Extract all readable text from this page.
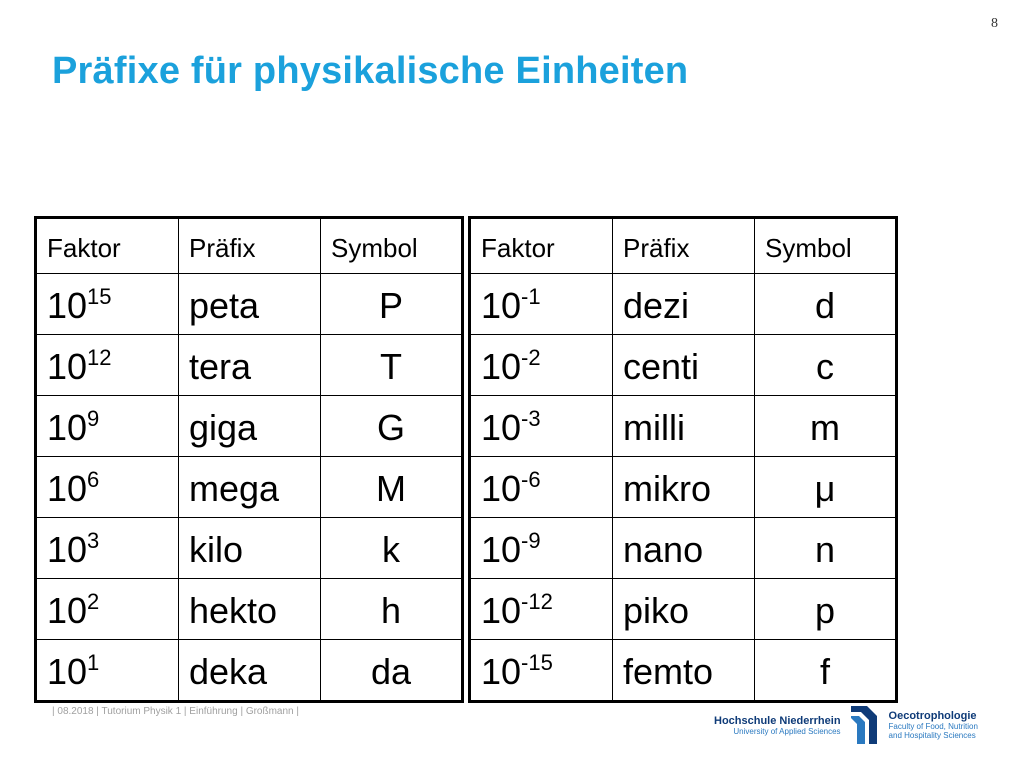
8
Präfixe für physikalische Einheiten
Faktor	Präfix	Symbol
$10^{15}$	peta	P
$10^{12}$	tera	T
$10^9$	giga	G
$10^6$	mega	M
$10^3$	kilo	k
$10^2$	hekto	h
$10^1$	deka	da
Faktor	Präfix	Symbol
$10^{-1}$	dezi	d
$10^{-2}$	centi	c
$10^{-3}$	milli	m
$10^{-6}$	mikro	μ
$10^{-9}$	nano	n
$10^{-12}$	piko	p
$10^{-15}$	femto	f
| 08.2018 | Tutorium Physik 1 | Einführung | Großmann |
Hochschule Niederrhein
University of Applied Sciences
Oecotrophologie
Faculty of Food, Nutrition
and Hospitality Sciences
